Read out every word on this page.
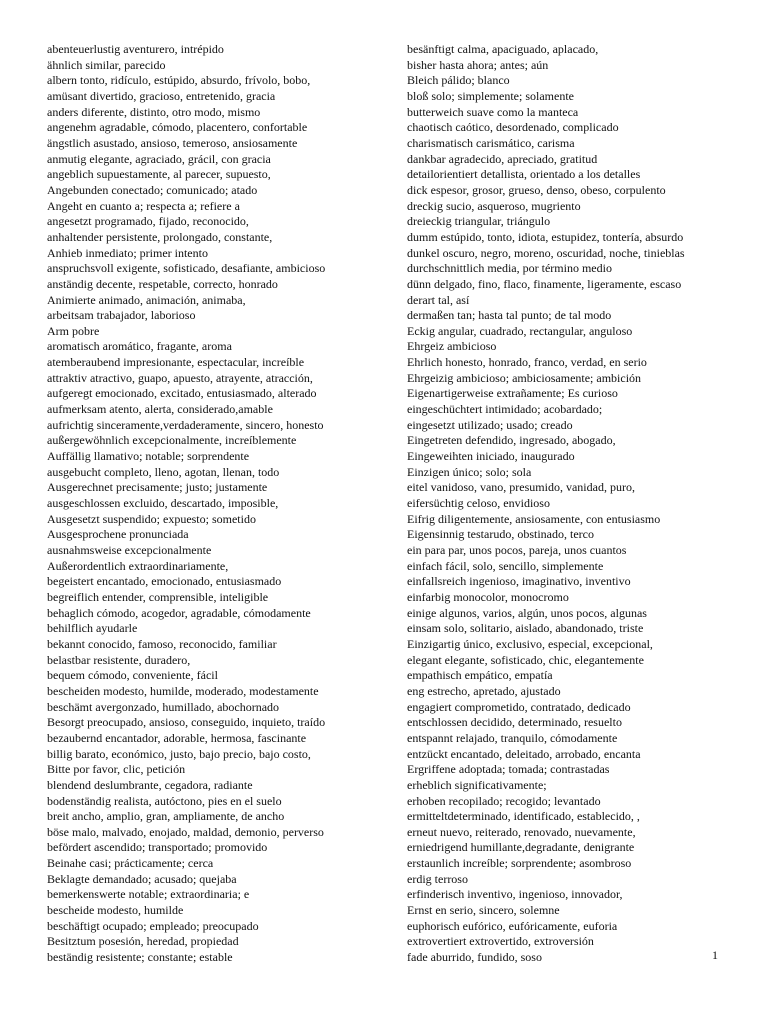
abenteuerlustig aventurero, intrépido
ähnlich similar, parecido
albern tonto, ridículo, estúpido, absurdo, frívolo, bobo,
amüsant divertido, gracioso, entretenido, gracia
anders diferente, distinto, otro modo, mismo
angenehm agradable, cómodo, placentero, confortable
ängstlich asustado, ansioso, temeroso, ansiosamente
anmutig elegante, agraciado, grácil, con gracia
angeblich supuestamente, al parecer, supuesto,
Angebunden conectado; comunicado; atado
Angeht en cuanto a; respecta a; refiere a
angesetzt programado, fijado, reconocido,
anhaltender persistente, prolongado, constante,
Anhieb inmediato; primer intento
anspruchsvoll exigente, sofisticado, desafiante, ambicioso
anständig decente, respetable, correcto, honrado
Animierte animado, animación, animaba,
arbeitsam trabajador, laborioso
Arm pobre
aromatisch aromático, fragante, aroma
atemberaubend impresionante, espectacular, increíble
attraktiv atractivo, guapo, apuesto, atrayente, atracción,
aufgeregt emocionado, excitado, entusiasmado, alterado
aufmerksam atento, alerta, considerado,amable
aufrichtig sinceramente,verdaderamente, sincero, honesto
außergewöhnlich excepcionalmente, increíblemente
Auffällig llamativo; notable; sorprendente
ausgebucht completo, lleno, agotan, llenan, todo
Ausgerechnet precisamente; justo; justamente
ausgeschlossen excluido, descartado, imposible,
Ausgesetzt suspendido; expuesto; sometido
Ausgesprochene pronunciada
ausnahmsweise excepcionalmente
Außerordentlich extraordinariamente,
begeistert encantado, emocionado, entusiasmado
begreiflich entender, comprensible, inteligible
behaglich cómodo, acogedor, agradable, cómodamente
behilflich ayudarle
bekannt conocido, famoso, reconocido, familiar
belastbar resistente, duradero,
bequem cómodo, conveniente, fácil
bescheiden modesto, humilde, moderado, modestamente
beschämt avergonzado, humillado, abochornado
Besorgt preocupado, ansioso, conseguido, inquieto, traído
bezaubernd encantador, adorable, hermosa, fascinante
billig barato, económico, justo, bajo precio, bajo costo,
Bitte por favor, clic, petición
blendend deslumbrante, cegadora, radiante
bodenständig realista, autóctono, pies en el suelo
breit ancho, amplio, gran, ampliamente, de ancho
böse malo, malvado, enojado, maldad, demonio, perverso
befördert ascendido; transportado; promovido
Beinahe casi; prácticamente; cerca
Beklagte demandado; acusado; quejaba
bemerkenswerte notable; extraordinaria; e
bescheide modesto, humilde
beschäftigt ocupado; empleado; preocupado
Besitztum posesión, heredad, propiedad
beständig resistente; constante; estable
besänftigt calma, apaciguado, aplacado,
bisher hasta ahora; antes; aún
Bleich pálido; blanco
bloß solo; simplemente; solamente
butterweich suave como la manteca
chaotisch caótico, desordenado, complicado
charismatisch carismático, carisma
dankbar agradecido, apreciado, gratitud
detailorientiert detallista, orientado a los detalles
dick espesor, grosor, grueso, denso, obeso, corpulento
dreckig sucio, asqueroso, mugriento
dreieckig triangular, triángulo
dumm estúpido, tonto, idiota, estupidez, tontería, absurdo
dunkel oscuro, negro, moreno, oscuridad, noche, tinieblas
durchschnittlich media, por término medio
dünn delgado, fino, flaco, finamente, ligeramente, escaso
derart tal, así
dermaßen tan; hasta tal punto; de tal modo
Eckig angular, cuadrado, rectangular, anguloso
Ehrgeiz ambicioso
Ehrlich honesto, honrado, franco, verdad, en serio
Ehrgeizig ambicioso; ambiciosamente; ambición
Eigenartigerweise extrañamente; Es curioso
eingeschüchtert intimidado; acobardado;
eingesetzt utilizado; usado; creado
Eingetreten defendido, ingresado, abogado,
Eingeweihten iniciado, inaugurado
Einzigen único; solo; sola
eitel vanidoso, vano, presumido, vanidad, puro,
eifersüchtig celoso, envidioso
Eifrig diligentemente, ansiosamente, con entusiasmo
Eigensinnig testarudo, obstinado, terco
ein para par, unos pocos, pareja, unos cuantos
einfach fácil, solo, sencillo, simplemente
einfallsreich ingenioso, imaginativo, inventivo
einfarbig monocolor, monocromo
einige algunos, varios, algún, unos pocos, algunas
einsam solo, solitario, aislado, abandonado, triste
Einzigartig único, exclusivo, especial, excepcional,
elegant elegante, sofisticado, chic, elegantemente
empathisch empático, empatía
eng estrecho, apretado, ajustado
engagiert comprometido, contratado, dedicado
entschlossen decidido, determinado, resuelto
entspannt relajado, tranquilo, cómodamente
entzückt encantado, deleitado, arrobado, encanta
Ergriffene adoptada; tomada; contrastadas
erheblich significativamente;
erhoben recopilado; recogido; levantado
ermitteltdeterminado, identificado, establecido, ,
erneut nuevo, reiterado, renovado, nuevamente,
erniedrigend humillante,degradante, denigrante
erstaunlich increíble; sorprendente; asombroso
erdig terroso
erfinderisch inventivo, ingenioso, innovador,
Ernst en serio, sincero, solemne
euphorisch eufórico, eufóricamente, euforia
extrovertiert extrovertido, extroversión
fade aburrido, fundido, soso	1
